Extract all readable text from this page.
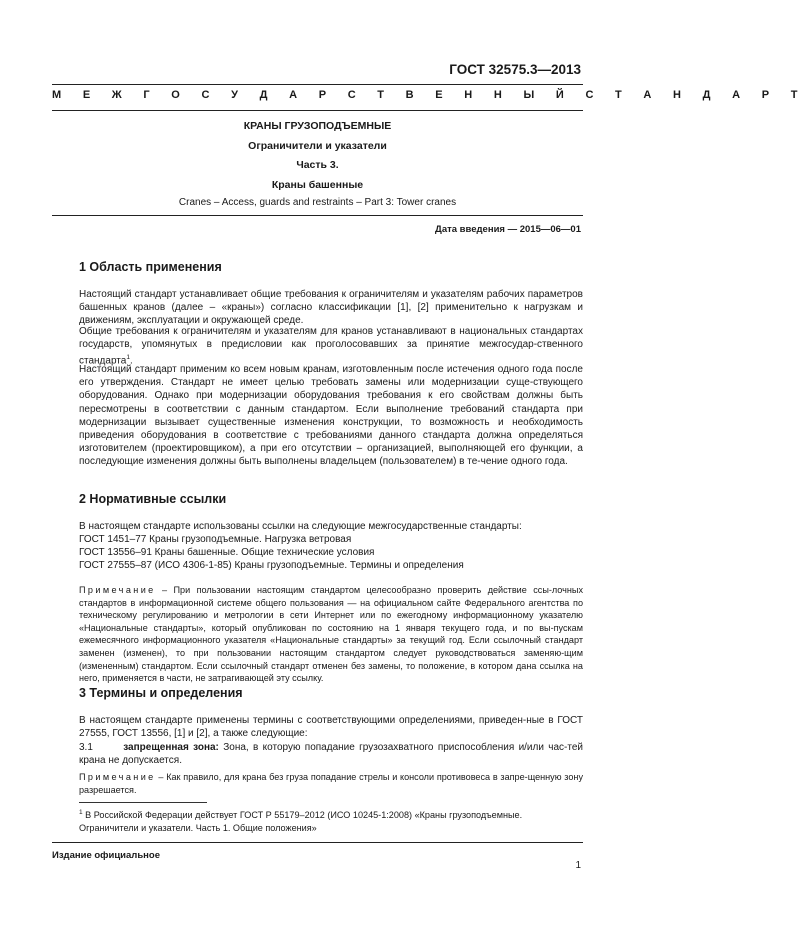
ГОСТ 32575.3—2013
М Е Ж Г О С У Д А Р С Т В Е Н Н Ы Й С Т А Н Д А Р Т
КРАНЫ ГРУЗОПОДЪЕМНЫЕ
Ограничители и указатели
Часть 3.
Краны башенные
Cranes – Access, guards and restraints – Part 3: Tower cranes
Дата введения — 2015—06—01
1 Область применения
Настоящий стандарт устанавливает общие требования к ограничителям и указателям рабочих параметров башенных кранов (далее – «краны») согласно классификации [1], [2] применительно к нагрузкам и движениям, эксплуатации и окружающей среде.
Общие требования к ограничителям и указателям для кранов устанавливают в национальных стандартах государств, упомянутых в предисловии как проголосовавших за принятие межгосудар-ственного стандарта$^1$.
Настоящий стандарт применим ко всем новым кранам, изготовленным после истечения одного года после его утверждения. Стандарт не имеет целью требовать замены или модернизации суще-ствующего оборудования. Однако при модернизации оборудования требования к его свойствам должны быть пересмотрены в соответствии с данным стандартом. Если выполнение требований стандарта при модернизации вызывает существенные изменения конструкции, то возможность и необходимость приведения оборудования в соответствие с требованиями данного стандарта должна определяться изготовителем (проектировщиком), а при его отсутствии – организацией, выполняющей его функции, а последующие изменения должны быть выполнены владельцем (пользователем) в те-чение одного года.
2 Нормативные ссылки
В настоящем стандарте использованы ссылки на следующие межгосударственные стандарты:
ГОСТ 1451–77 Краны грузоподъемные. Нагрузка ветровая
ГОСТ 13556–91 Краны башенные. Общие технические условия
ГОСТ 27555–87 (ИСО 4306-1-85) Краны грузоподъемные. Термины и определения
Примечание – При пользовании настоящим стандартом целесообразно проверить действие ссы-лочных стандартов в информационной системе общего пользования — на официальном сайте Федерального агентства по техническому регулированию и метрологии в сети Интернет или по ежегодному информационному указателю «Национальные стандарты», который опубликован по состоянию на 1 января текущего года, и по вы-пускам ежемесячного информационного указателя «Национальные стандарты» за текущий год. Если ссылочный стандарт заменен (изменен), то при пользовании настоящим стандартом следует руководствоваться заменяю-щим (измененным) стандартом. Если ссылочный стандарт отменен без замены, то положение, в котором дана ссылка на него, применяется в части, не затрагивающей эту ссылку.
3 Термины и определения
В настоящем стандарте применены термины с соответствующими определениями, приведен-ные в ГОСТ 27555, ГОСТ 13556, [1] и [2], а также следующие:
3.1	запрещенная зона: Зона, в которую попадание грузозахватного приспособления и/или час-тей крана не допускается.
Примечание – Как правило, для крана без груза попадание стрелы и консоли противовеса в запре-щенную зону разрешается.
$^1$ В Российской Федерации действует ГОСТ Р 55179–2012 (ИСО 10245-1:2008) «Краны грузоподъемные. Ограничители и указатели. Часть 1. Общие положения»
Издание официальное
1
